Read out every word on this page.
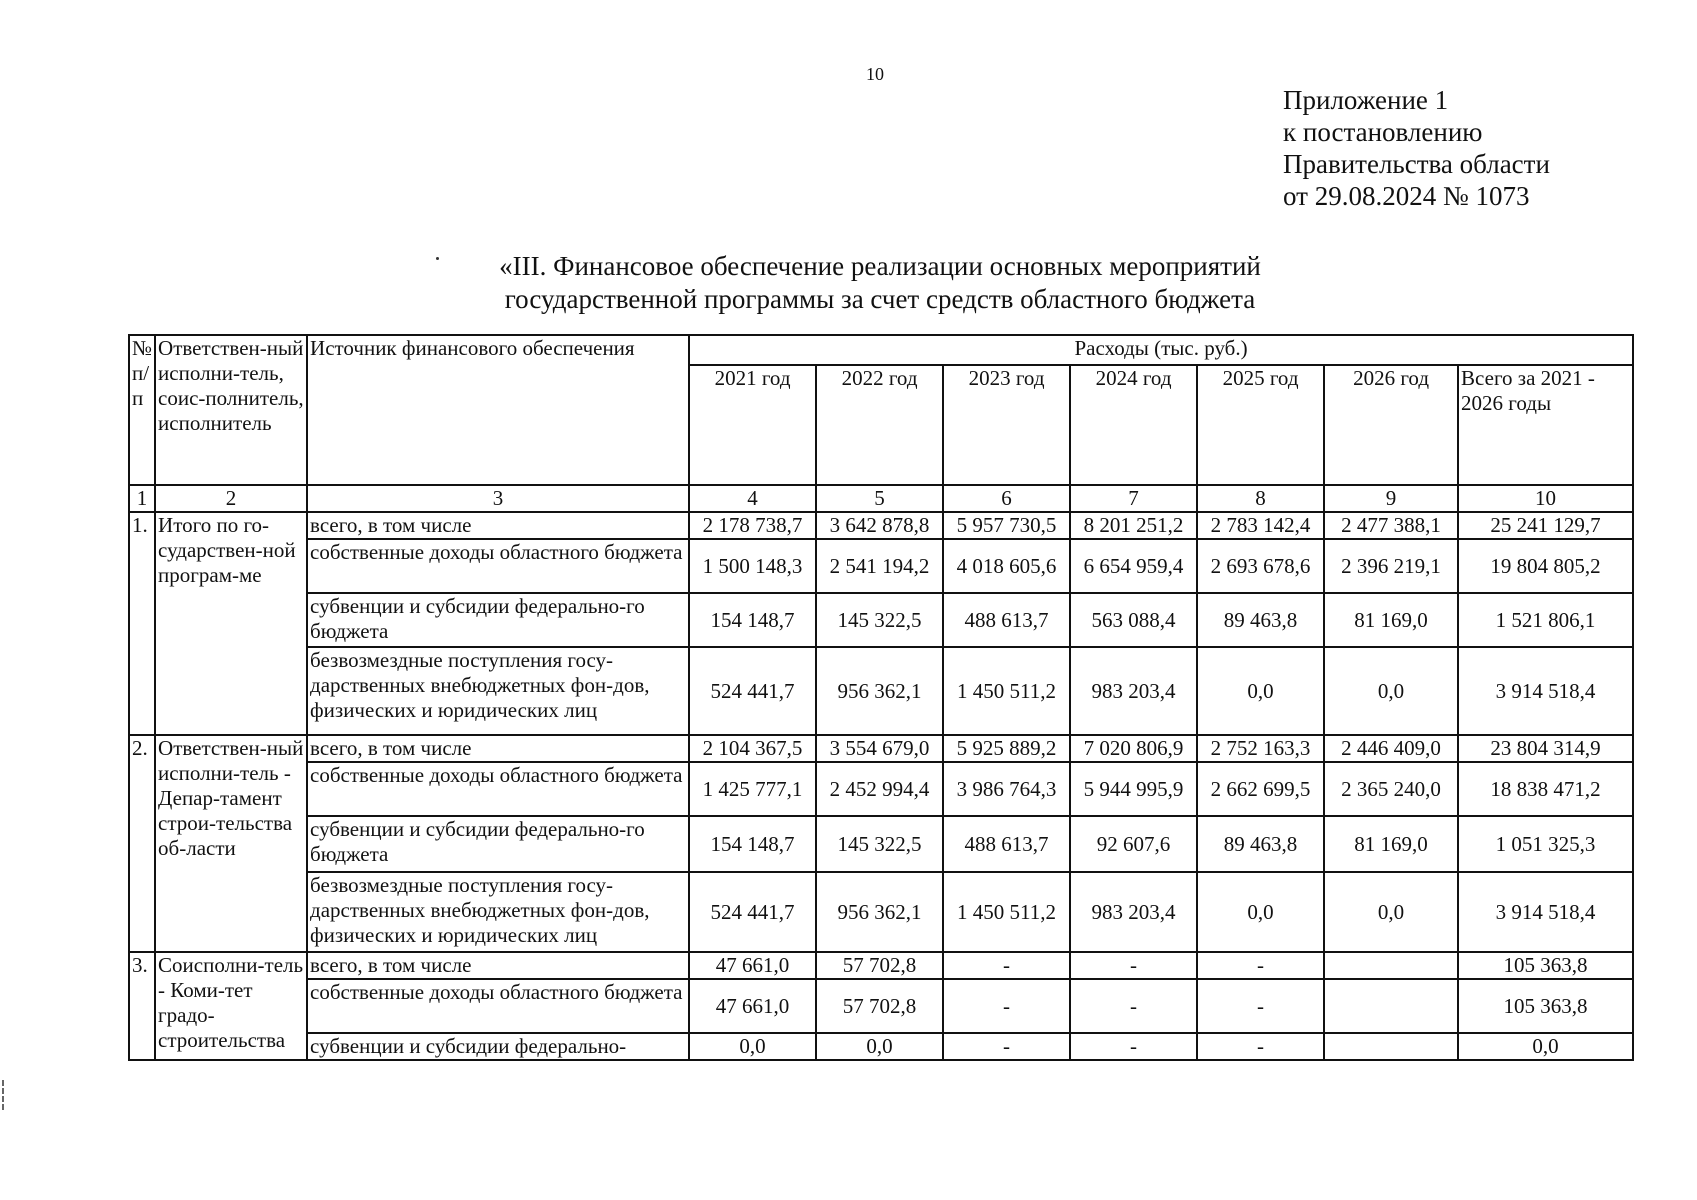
10
Приложение 1
к постановлению
Правительства области
от 29.08.2024 № 1073
«III. Финансовое обеспечение реализации основных мероприятий
государственной программы за счет средств областного бюджета
№ п/п	Ответствен-ный исполни-тель, соис-полнитель, исполнитель	Источник финансового обеспечения	Расходы (тыс. руб.)						
			2021 год	2022 год	2023 год	2024 год	2025 год	2026 год	Всего за 2021 - 2026 годы
1	2	3	4	5	6	7	8	9	10
1.	Итого по го-сударствен-ной програм-ме	всего, в том числе	2 178 738,7	3 642 878,8	5 957 730,5	8 201 251,2	2 783 142,4	2 477 388,1	25 241 129,7
		собственные доходы областного бюджета	1 500 148,3	2 541 194,2	4 018 605,6	6 654 959,4	2 693 678,6	2 396 219,1	19 804 805,2
		субвенции и субсидии федерально-го бюджета	154 148,7	145 322,5	488 613,7	563 088,4	89 463,8	81 169,0	1 521 806,1
		безвозмездные поступления госу-дарственных внебюджетных фон-дов, физических и юридических лиц	524 441,7	956 362,1	1 450 511,2	983 203,4	0,0	0,0	3 914 518,4
2.	Ответствен-ный исполни-тель - Депар-тамент строи-тельства об-ласти	всего, в том числе	2 104 367,5	3 554 679,0	5 925 889,2	7 020 806,9	2 752 163,3	2 446 409,0	23 804 314,9
		собственные доходы областного бюджета	1 425 777,1	2 452 994,4	3 986 764,3	5 944 995,9	2 662 699,5	2 365 240,0	18 838 471,2
		субвенции и субсидии федерально-го бюджета	154 148,7	145 322,5	488 613,7	92 607,6	89 463,8	81 169,0	1 051 325,3
		безвозмездные поступления госу-дарственных внебюджетных фон-дов, физических и юридических лиц	524 441,7	956 362,1	1 450 511,2	983 203,4	0,0	0,0	3 914 518,4
3.	Соисполни-тель - Коми-тет градо-строительства	всего, в том числе	47 661,0	57 702,8	-	-	-		105 363,8
		собственные доходы областного бюджета	47 661,0	57 702,8	-	-	-		105 363,8
		субвенции и субсидии федерально-	0,0	0,0	-	-	-		0,0
